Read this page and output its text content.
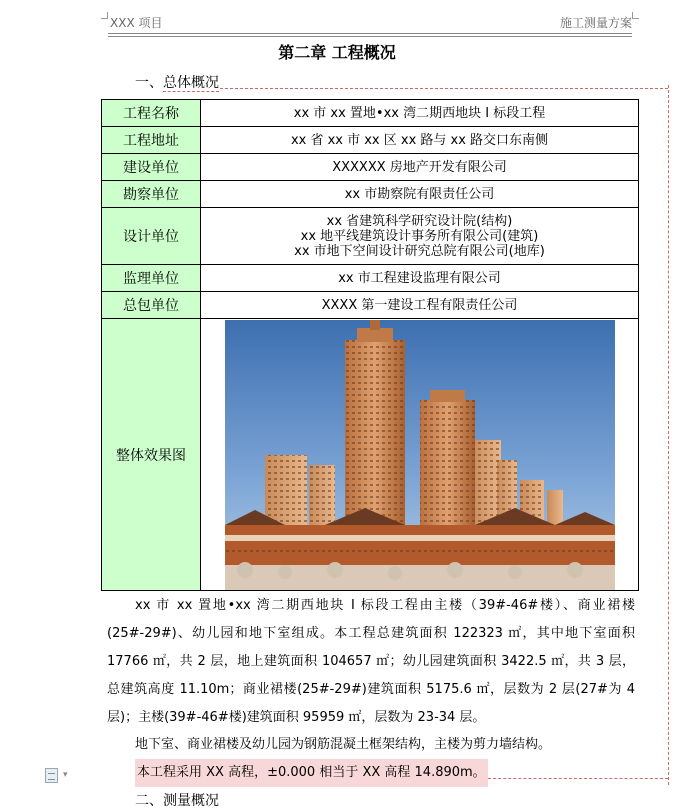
XXX 项目	施工测量方案
第二章 工程概况
一、总体概况
工程名称	xx 市 xx 置地•xx 湾二期西地块 I 标段工程
工程地址	xx 省 xx 市 xx 区 xx 路与 xx 路交口东南侧
建设单位	XXXXXX 房地产开发有限公司
勘察单位	xx 市勘察院有限责任公司
设计单位	xx 省建筑科学研究设计院(结构)
xx 地平线建筑设计事务所有限公司(建筑)
xx 市地下空间设计研究总院有限公司(地库)

监理单位	xx 市工程建设监理有限公司
总包单位	XXXX 第一建设工程有限责任公司
整体效果图	
xx 市 xx 置地•xx 湾二期西地块 I 标段工程由主楼（39#-46#楼）、商业裙楼(25#-29#)、幼儿园和地下室组成。本工程总建筑面积 122323 ㎡，其中地下室面积 17766 ㎡，共 2 层，地上建筑面积 104657 ㎡；幼儿园建筑面积 3422.5 ㎡，共 3 层，总建筑高度 11.10m；商业裙楼(25#-29#)建筑面积 5175.6 ㎡，层数为 2 层(27#为 4 层)；主楼(39#-46#楼)建筑面积 95959 ㎡，层数为 23-34 层。
地下室、商业裙楼及幼儿园为钢筋混凝土框架结构，主楼为剪力墙结构。
本工程采用 XX 高程，±0.000 相当于 XX 高程 14.890m。
二、测量概况
▾
